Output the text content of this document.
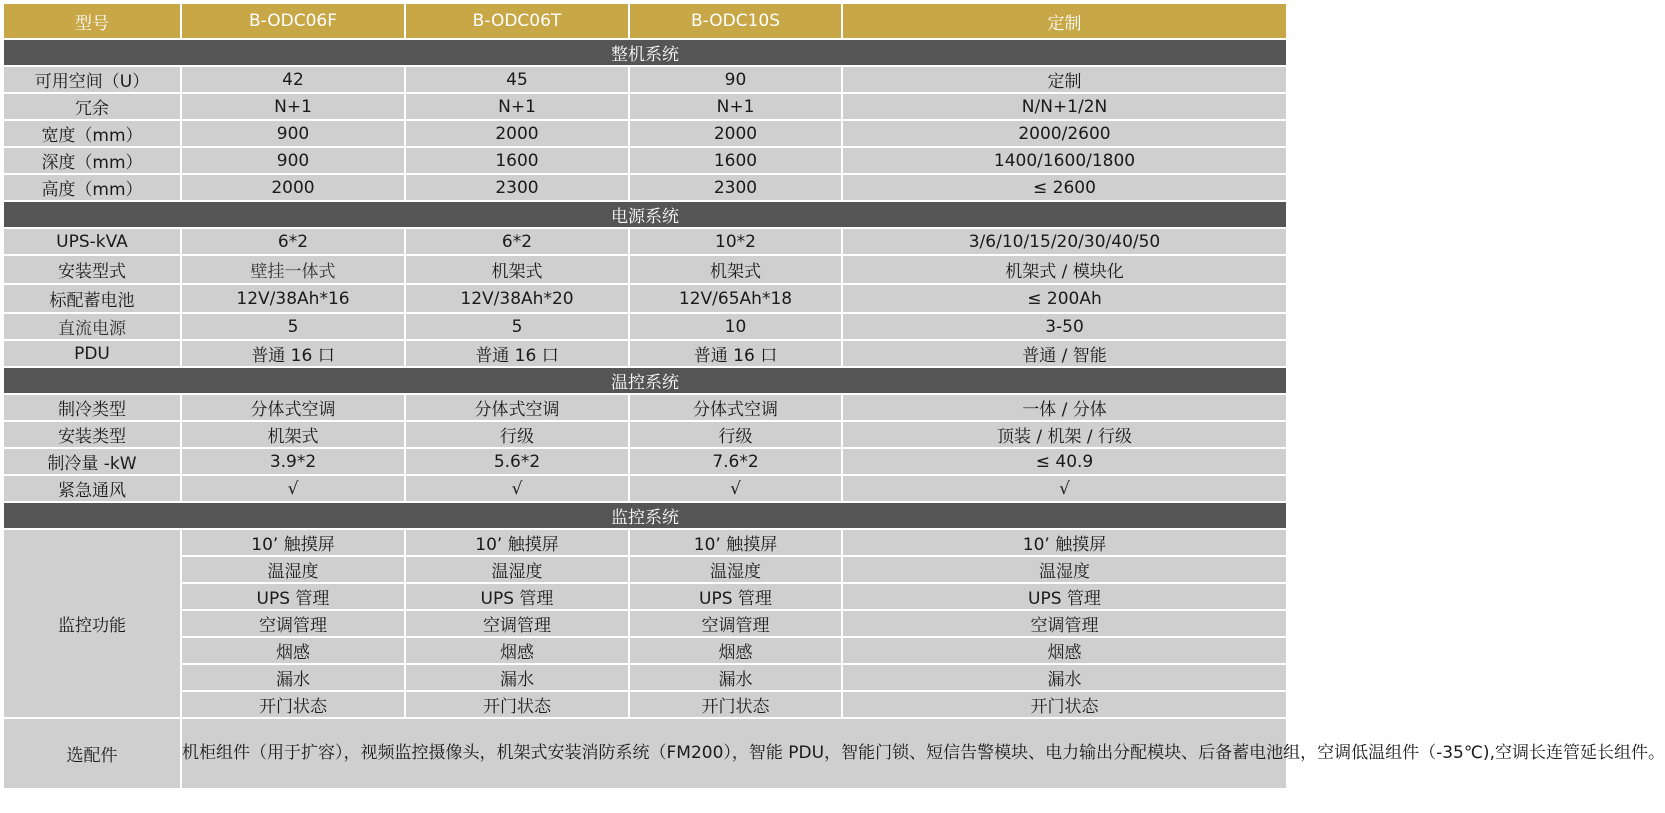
型号	B-ODC06F	B-ODC06T	B-ODC10S	定制
整机系统				
可用空间（U）	42	45	90	定制
冗余	N+1	N+1	N+1	N/N+1/2N
宽度（mm）	900	2000	2000	2000/2600
深度（mm）	900	1600	1600	1400/1600/1800
高度（mm）	2000	2300	2300	≤ 2600
电源系统				
UPS-kVA	6*2	6*2	10*2	3/6/10/15/20/30/40/50
安装型式	壁挂一体式	机架式	机架式	机架式 / 模块化
标配蓄电池	12V/38Ah*16	12V/38Ah*20	12V/65Ah*18	≤ 200Ah
直流电源	5	5	10	3-50
PDU	普通 16 口	普通 16 口	普通 16 口	普通 / 智能
温控系统				
制冷类型	分体式空调	分体式空调	分体式空调	一体 / 分体
安装类型	机架式	行级	行级	顶装 / 机架 / 行级
制冷量 -kW	3.9*2	5.6*2	7.6*2	≤ 40.9
紧急通风	√	√	√	√
监控系统				
监控功能	10’ 触摸屏	10’ 触摸屏	10’ 触摸屏	10’ 触摸屏
	温湿度	温湿度	温湿度	温湿度
	UPS 管理	UPS 管理	UPS 管理	UPS 管理
	空调管理	空调管理	空调管理	空调管理
	烟感	烟感	烟感	烟感
	漏水	漏水	漏水	漏水
	开门状态	开门状态	开门状态	开门状态
选配件	机柜组件（用于扩容），视频监控摄像头，机架式安装消防系统（FM200），智能 PDU，智能门锁、短信告警模块、电力输出分配模块、后备蓄电池组，空调低温组件（-35℃),空调长连管延长组件。			
